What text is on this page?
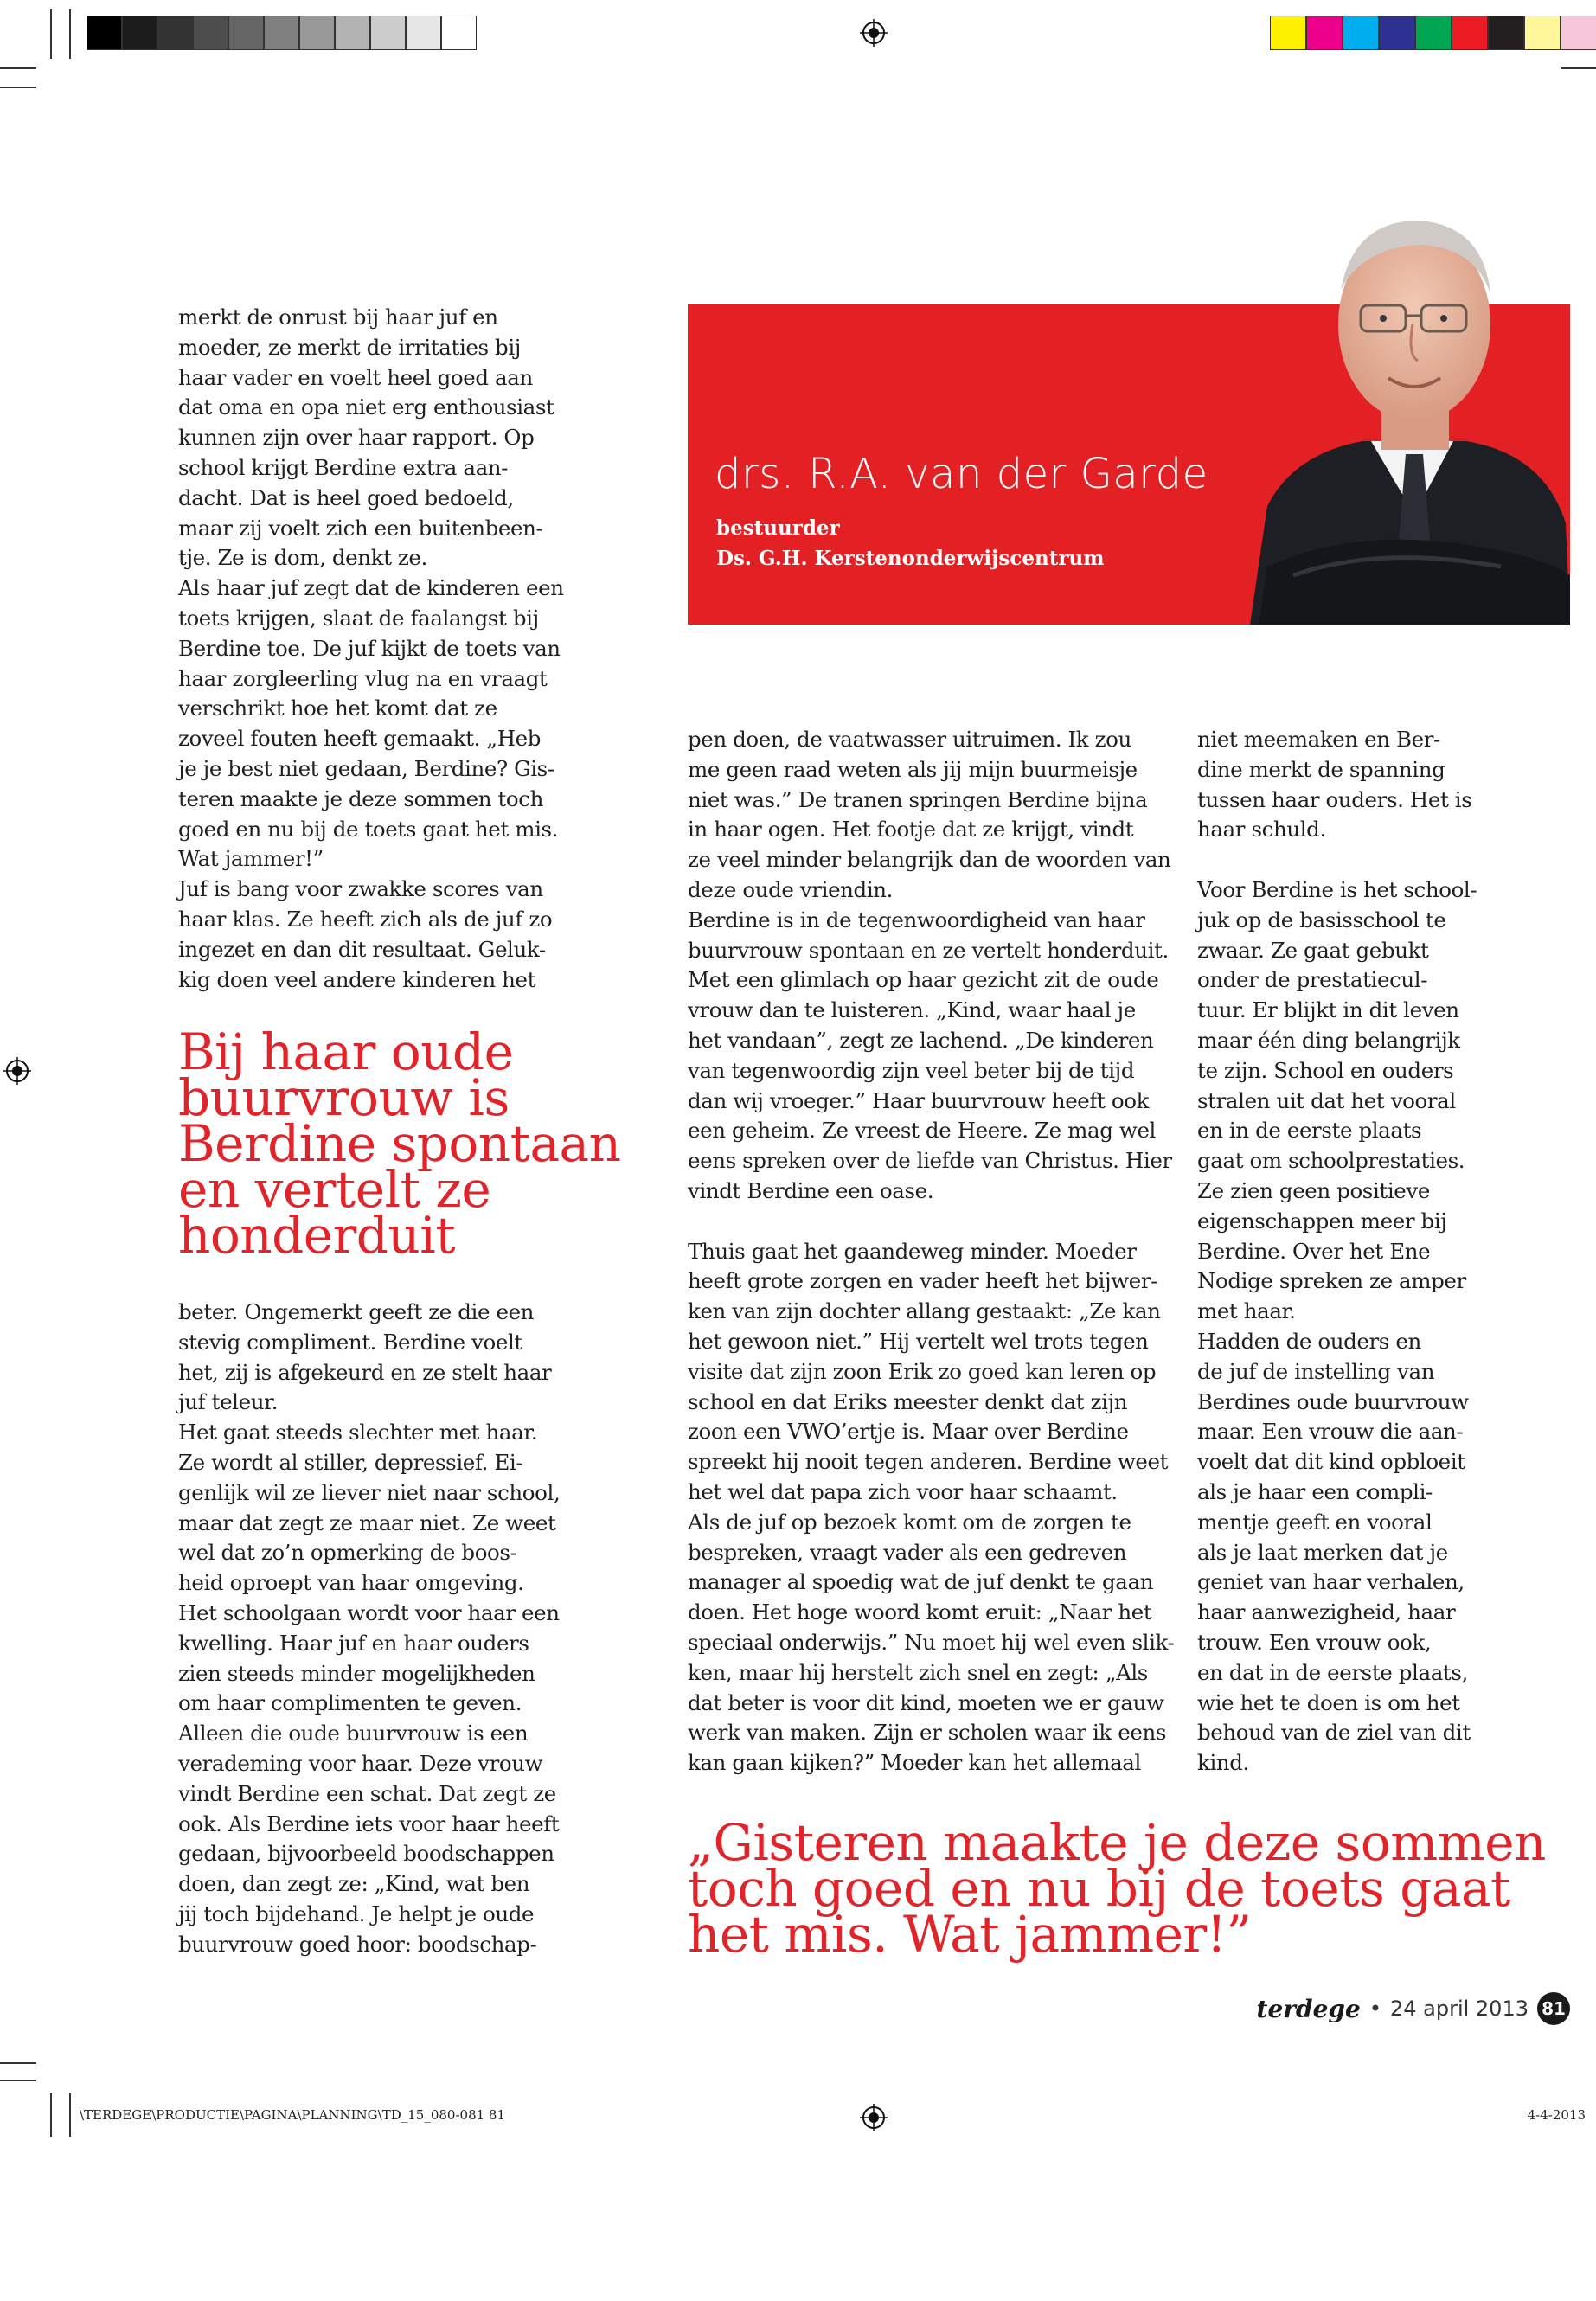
merkt de onrust bij haar juf en
moeder, ze merkt de irritaties bij
haar vader en voelt heel goed aan
dat oma en opa niet erg enthousiast
kunnen zijn over haar rapport. Op
school krijgt Berdine extra aan-
dacht. Dat is heel goed bedoeld,
maar zij voelt zich een buitenbeen-
tje. Ze is dom, denkt ze.
Als haar juf zegt dat de kinderen een
toets krijgen, slaat de faalangst bij
Berdine toe. De juf kijkt de toets van
haar zorgleerling vlug na en vraagt
verschrikt hoe het komt dat ze
zoveel fouten heeft gemaakt. „Heb
je je best niet gedaan, Berdine? Gis-
teren maakte je deze sommen toch
goed en nu bij de toets gaat het mis.
Wat jammer!”
Juf is bang voor zwakke scores van
haar klas. Ze heeft zich als de juf zo
ingezet en dan dit resultaat. Geluk-
kig doen veel andere kinderen het
Bij haar oude
buurvrouw is
Berdine spontaan
en vertelt ze
honderduit
beter. Ongemerkt geeft ze die een
stevig compliment. Berdine voelt
het, zij is afgekeurd en ze stelt haar
juf teleur.
Het gaat steeds slechter met haar.
Ze wordt al stiller, depressief. Ei-
genlijk wil ze liever niet naar school,
maar dat zegt ze maar niet. Ze weet
wel dat zo’n opmerking de boos-
heid oproept van haar omgeving.
Het schoolgaan wordt voor haar een
kwelling. Haar juf en haar ouders
zien steeds minder mogelijkheden
om haar complimenten te geven.
Alleen die oude buurvrouw is een
verademing voor haar. Deze vrouw
vindt Berdine een schat. Dat zegt ze
ook. Als Berdine iets voor haar heeft
gedaan, bijvoorbeeld boodschappen
doen, dan zegt ze: „Kind, wat ben
jij toch bijdehand. Je helpt je oude
buurvrouw goed hoor: boodschap-
drs. R.A. van der Garde
bestuurder
Ds. G.H. Kerstenonderwijscentrum
pen doen, de vaatwasser uitruimen. Ik zou
me geen raad weten als jij mijn buurmeisje
niet was.” De tranen springen Berdine bijna
in haar ogen. Het footje dat ze krijgt, vindt
ze veel minder belangrijk dan de woorden van
deze oude vriendin.
Berdine is in de tegenwoordigheid van haar
buurvrouw spontaan en ze vertelt honderduit.
Met een glimlach op haar gezicht zit de oude
vrouw dan te luisteren. „Kind, waar haal je
het vandaan”, zegt ze lachend. „De kinderen
van tegenwoordig zijn veel beter bij de tijd
dan wij vroeger.” Haar buurvrouw heeft ook
een geheim. Ze vreest de Heere. Ze mag wel
eens spreken over de liefde van Christus. Hier
vindt Berdine een oase.

Thuis gaat het gaandeweg minder. Moeder
heeft grote zorgen en vader heeft het bijwer-
ken van zijn dochter allang gestaakt: „Ze kan
het gewoon niet.” Hij vertelt wel trots tegen
visite dat zijn zoon Erik zo goed kan leren op
school en dat Eriks meester denkt dat zijn
zoon een VWO’ertje is. Maar over Berdine
spreekt hij nooit tegen anderen. Berdine weet
het wel dat papa zich voor haar schaamt.
Als de juf op bezoek komt om de zorgen te
bespreken, vraagt vader als een gedreven
manager al spoedig wat de juf denkt te gaan
doen. Het hoge woord komt eruit: „Naar het
speciaal onderwijs.” Nu moet hij wel even slik-
ken, maar hij herstelt zich snel en zegt: „Als
dat beter is voor dit kind, moeten we er gauw
werk van maken. Zijn er scholen waar ik eens
kan gaan kijken?” Moeder kan het allemaal
niet meemaken en Ber-
dine merkt de spanning
tussen haar ouders. Het is
haar schuld.

Voor Berdine is het school-
juk op de basisschool te
zwaar. Ze gaat gebukt
onder de prestatiecul-
tuur. Er blijkt in dit leven
maar één ding belangrijk
te zijn. School en ouders
stralen uit dat het vooral
en in de eerste plaats
gaat om schoolprestaties.
Ze zien geen positieve
eigenschappen meer bij
Berdine. Over het Ene
Nodige spreken ze amper
met haar.
Hadden de ouders en
de juf de instelling van
Berdines oude buurvrouw
maar. Een vrouw die aan-
voelt dat dit kind opbloeit
als je haar een compli-
mentje geeft en vooral
als je laat merken dat je
geniet van haar verhalen,
haar aanwezigheid, haar
trouw. Een vrouw ook,
en dat in de eerste plaats,
wie het te doen is om het
behoud van de ziel van dit
kind.
„Gisteren maakte je deze sommen
toch goed en nu bij de toets gaat
het mis. Wat jammer!”
terdege • 24 april 2013 81
\TERDEGE\PRODUCTIE\PAGINA\PLANNING\TD_15_080-081 81	4-4-2013
